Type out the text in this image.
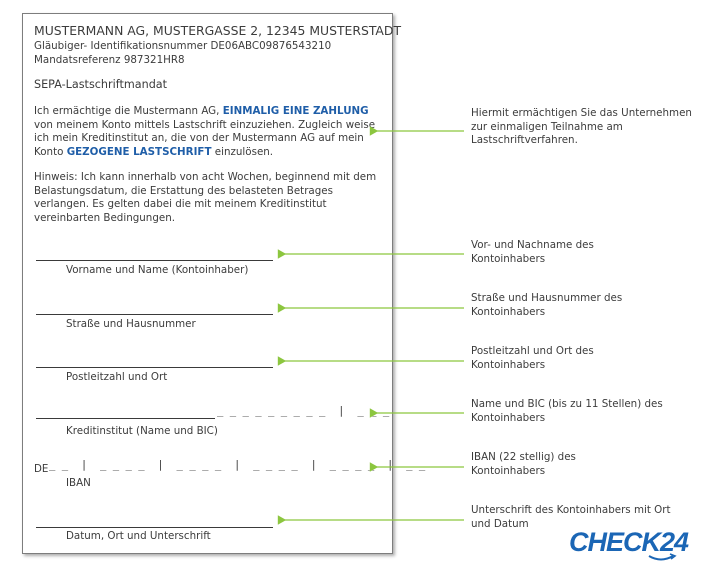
MUSTERMANN AG, MUSTERGASSE 2, 12345 MUSTERSTADT
Gläubiger- Identifikationsnummer DE06ABC09876543210
Mandatsreferenz 987321HR8
SEPA-Lastschriftmandat
Ich ermächtige die Mustermann AG, EINMALIG EINE ZAHLUNG von meinem Konto mittels Lastschrift einzuziehen. Zugleich weise ich mein Kreditinstitut an, die von der Mustermann AG auf mein Konto GEZOGENE LASTSCHRIFT einzulösen.
Hinweis: Ich kann innerhalb von acht Wochen, beginnend mit dem Belastungsdatum, die Erstattung des belasteten Betrages verlangen. Es gelten dabei die mit meinem Kreditinstitut vereinbarten Bedingungen.
Vorname und Name (Kontoinhaber)
Straße und Hausnummer
Postleitzahl und Ort
_ _ _ _ _ _ _ _ _  |  _ _ _
Kreditinstitut (Name und BIC)
DE _ _  |  _ _ _ _  |  _ _ _ _  |  _ _ _ _  |  _ _ _ _  |  _ _
IBAN
Datum, Ort und Unterschrift
Hiermit ermächtigen Sie das Unternehmen zur einmaligen Teilnahme am Lastschriftverfahren.
Vor- und Nachname des Kontoinhabers
Straße und Hausnummer des Kontoinhabers
Postleitzahl und Ort des Kontoinhabers
Name und BIC (bis zu 11 Stellen) des Kontoinhabers
IBAN (22 stellig) des Kontoinhabers
Unterschrift des Kontoinhabers mit Ort und Datum
CHECK24
